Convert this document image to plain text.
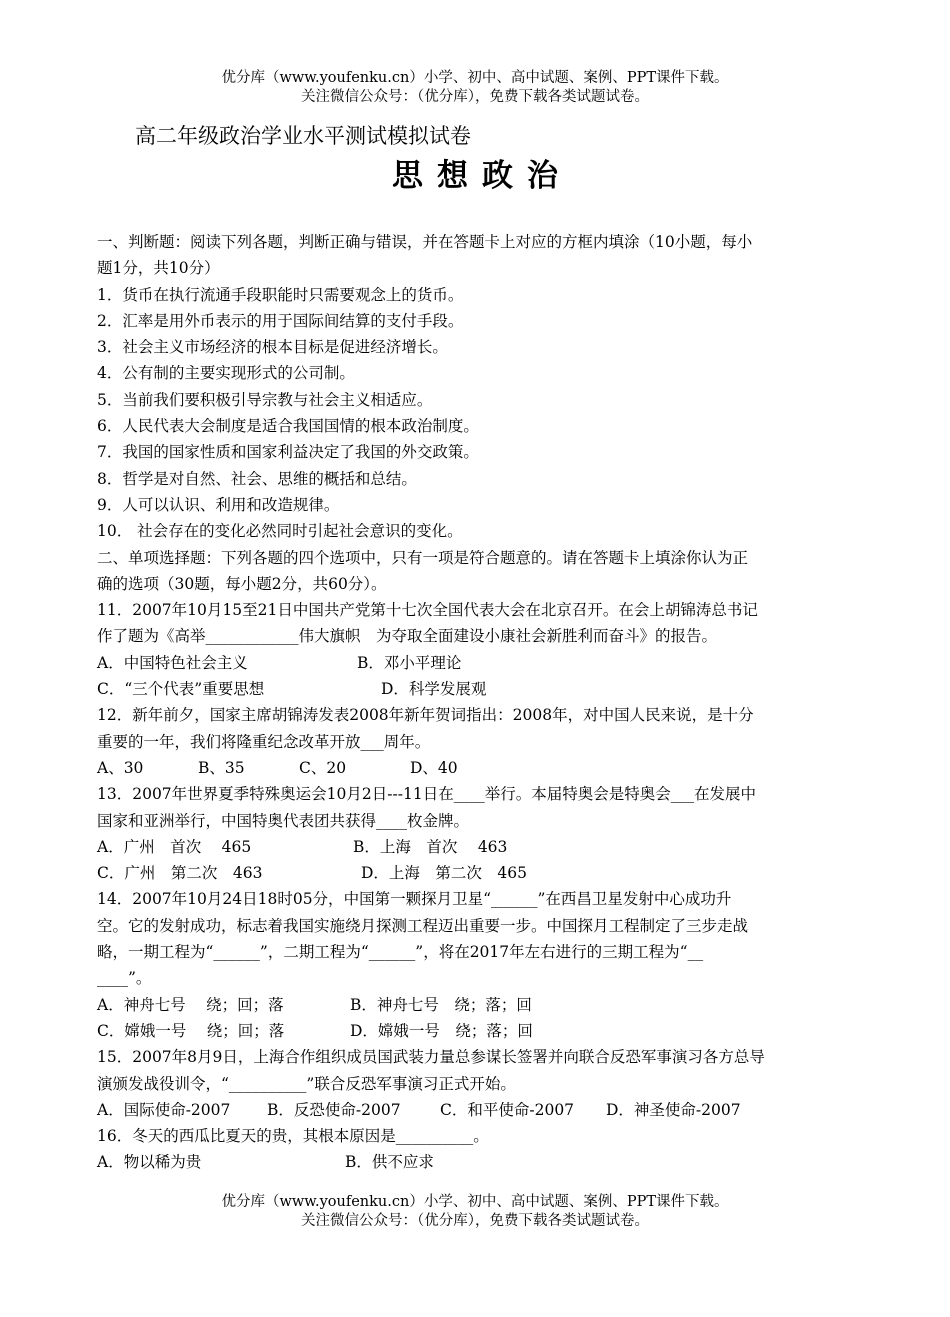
优分库（www.youfenku.cn）小学、初中、高中试题、案例、PPT课件下载。
关注微信公众号：（优分库），免费下载各类试题试卷。
高二年级政治学业水平测试模拟试卷
思想政治
一、判断题：阅读下列各题，判断正确与错误，并在答题卡上对应的方框内填涂（10小题，每小
题1分，共10分）
1．货币在执行流通手段职能时只需要观念上的货币。
2．汇率是用外币表示的用于国际间结算的支付手段。
3．社会主义市场经济的根本目标是促进经济增长。
4．公有制的主要实现形式的公司制。
5．当前我们要积极引导宗教与社会主义相适应。
6．人民代表大会制度是适合我国国情的根本政治制度。
7．我国的国家性质和国家利益决定了我国的外交政策。
8．哲学是对自然、社会、思维的概括和总结。
9．人可以认识、利用和改造规律。
10． 社会存在的变化必然同时引起社会意识的变化。
二、单项选择题：下列各题的四个选项中，只有一项是符合题意的。请在答题卡上填涂你认为正
确的选项（30题，每小题2分，共60分）。
11．2007年10月15至21日中国共产党第十七次全国代表大会在北京召开。在会上胡锦涛总书记
作了题为《高举____________伟大旗帜　为夺取全面建设小康社会新胜利而奋斗》的报告。
A．中国特色社会主义	B．邓小平理论
C．“三个代表”重要思想	D．科学发展观
12．新年前夕，国家主席胡锦涛发表2008年新年贺词指出：2008年，对中国人民来说，是十分
重要的一年，我们将隆重纪念改革开放___周年。
A、30	B、35	C、20	D、40
13．2007年世界夏季特殊奥运会10月2日---11日在____举行。本届特奥会是特奥会___在发展中
国家和亚洲举行，中国特奥代表团共获得____枚金牌。
A．广州　首次　 465	B．上海　首次　 463
C．广州　第二次　463	D．上海　第二次　465
14．2007年10月24日18时05分，中国第一颗探月卫星“______”在西昌卫星发射中心成功升
空。它的发射成功，标志着我国实施绕月探测工程迈出重要一步。中国探月工程制定了三步走战
略，一期工程为“______”，二期工程为“______”，将在2017年左右进行的三期工程为“__
____”。
A．神舟七号　 绕；回；落	B．神舟七号　绕；落；回
C．嫦娥一号　 绕；回；落	D．嫦娥一号　绕；落；回
15．2007年8月9日，上海合作组织成员国武装力量总参谋长签署并向联合反恐军事演习各方总导
演颁发战役训令，“__________”联合反恐军事演习正式开始。
A．国际使命-2007	B．反恐使命-2007	C．和平使命-2007	D．神圣使命-2007
16．冬天的西瓜比夏天的贵，其根本原因是__________。
A．物以稀为贵	B．供不应求
优分库（www.youfenku.cn）小学、初中、高中试题、案例、PPT课件下载。
关注微信公众号：（优分库），免费下载各类试题试卷。
